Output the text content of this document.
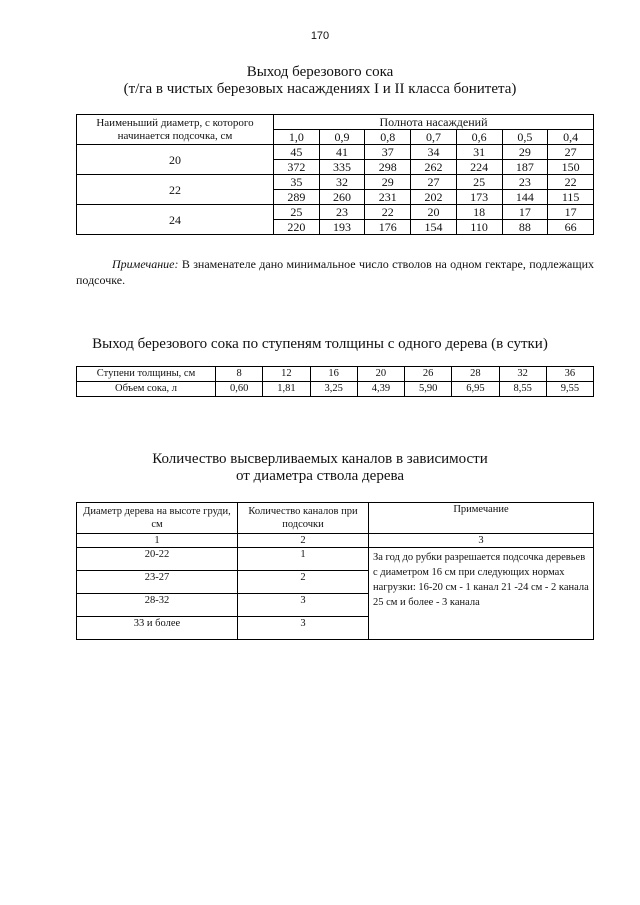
170
Выход березового сока
(т/га в чистых березовых насаждениях I и II класса бонитета)
Наименьший диаметр, с которого начинается подсочка, см	Полнота насаждений						
	1,0	0,9	0,8	0,7	0,6	0,5	0,4
20	45	41	37	34	31	29	27
	372	335	298	262	224	187	150
22	35	32	29	27	25	23	22
	289	260	231	202	173	144	115
24	25	23	22	20	18	17	17
	220	193	176	154	110	88	66
Примечание: В знаменателе дано минимальное число стволов на одном гектаре, подлежащих подсочке.
Выход березового сока по ступеням толщины с одного дерева (в сутки)
Ступени толщины, см	8	12	16	20	26	28	32	36
Объем сока, л	0,60	1,81	3,25	4,39	5,90	6,95	8,55	9,55
Количество высверливаемых каналов в зависимости
от диаметра ствола дерева
Диаметр дерева на высоте груди, см	Количество каналов при подсочки	Примечание
1	2	3
20-22	1	За год до рубки разрешается подсочка деревьев с диаметром 16 см при следующих нормах нагрузки: 16-20 см - 1 канал 21 -24 см - 2 канала 25 см и более - 3 канала
23-27	2	
28-32	3	
33 и более	3	
